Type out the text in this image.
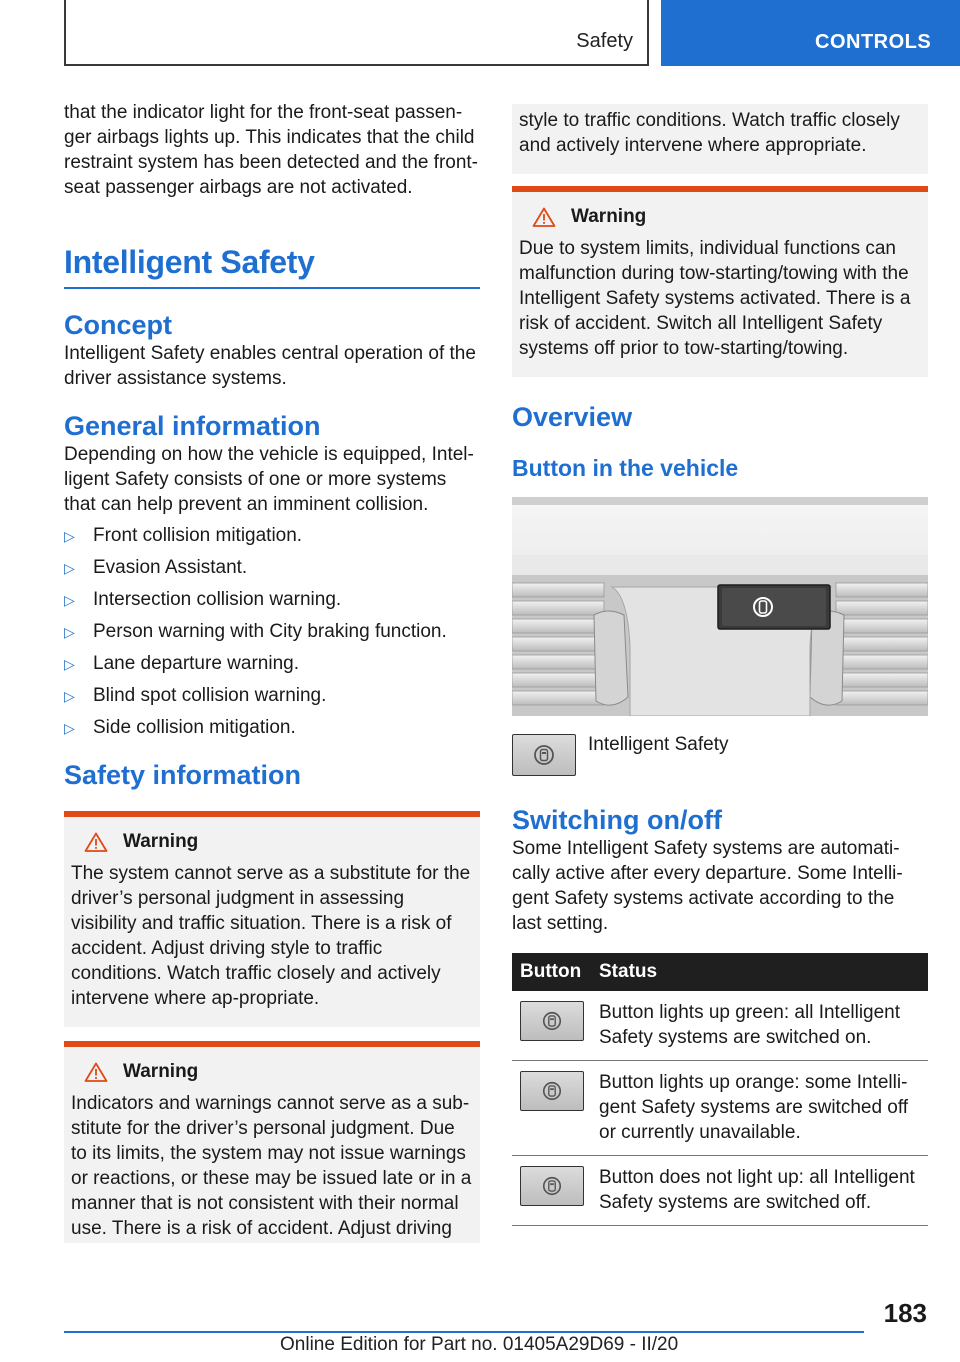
Safety	CONTROLS

that the indicator light for the front-seat passen-ger airbags lights up. This indicates that the child restraint system has been detected and the front-seat passenger airbags are not activated.

Intelligent Safety
Concept

Intelligent Safety enables central operation of the driver assistance systems.

General information

Depending on how the vehicle is equipped, Intel-ligent Safety consists of one or more systems that can help prevent an imminent collision.

▷ Front collision mitigation.
▷ Evasion Assistant.
▷ Intersection collision warning.
▷ Person warning with City braking function.
▷ Lane departure warning.
▷ Blind spot collision warning.
▷ Side collision mitigation.
Safety information
Warning

The system cannot serve as a substitute for the driver’s personal judgment in assessing visibility and traffic situation. There is a risk of accident. Adjust driving style to traffic conditions. Watch traffic closely and actively intervene where ap-propriate.

Warning

Indicators and warnings cannot serve as a sub-stitute for the driver’s personal judgment. Due to its limits, the system may not issue warnings or reactions, or these may be issued late or in a manner that is not consistent with their normal use. There is a risk of accident. Adjust driving

style to traffic conditions. Watch traffic closely and actively intervene where appropriate.

Warning

Due to system limits, individual functions can malfunction during tow-starting/towing with the Intelligent Safety systems activated. There is a risk of accident. Switch all Intelligent Safety systems off prior to tow-starting/towing.

Overview
Button in the vehicle
Intelligent Safety
Switching on/off

Some Intelligent Safety systems are automati-cally active after every departure. Some Intelli-gent Safety systems activate according to the last setting.

Button	Status

	Button lights up green: all Intelligent Safety systems are switched on.

	Button lights up orange: some Intelli-gent Safety systems are switched off or currently unavailable.

	Button does not light up: all Intelligent Safety systems are switched off.
183
Online Edition for Part no. 01405A29D69 - II/20
